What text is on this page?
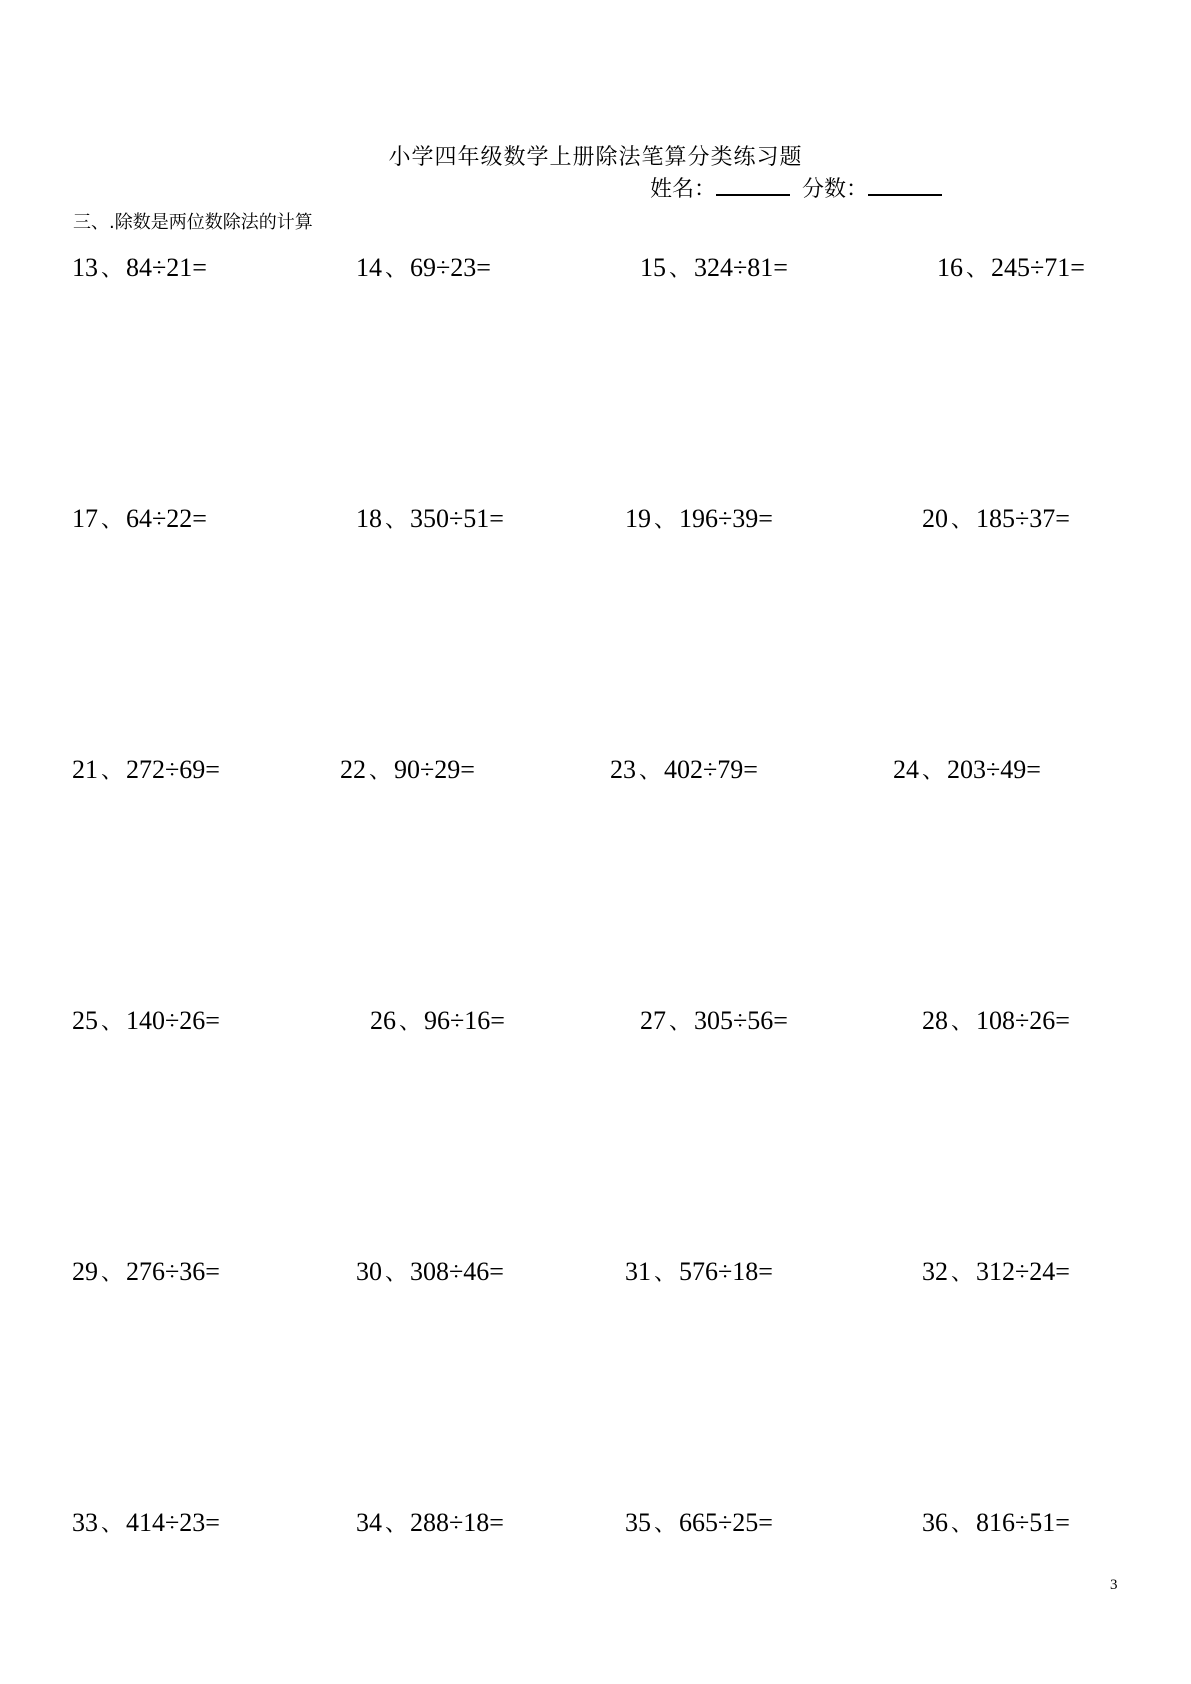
小学四年级数学上册除法笔算分类练习题
姓名：	分数：
三、.除数是两位数除法的计算
13 、 84÷21=	14 、 69÷23=	15 、 324÷81=	16 、 245÷71=
17 、 64÷22=	18 、 350÷51=	19 、 196÷39=	20 、 185÷37=
21 、 272÷69=	22 、 90÷29=	23 、 402÷79=	24 、 203÷49=
25 、 140÷26=	26 、 96÷16=	27 、 305÷56=	28 、 108÷26=
29 、 276÷36=	30 、 308÷46=	31 、 576÷18=	32 、 312÷24=
33 、 414÷23=	34 、 288÷18=	35 、 665÷25=	36 、 816÷51=
3
